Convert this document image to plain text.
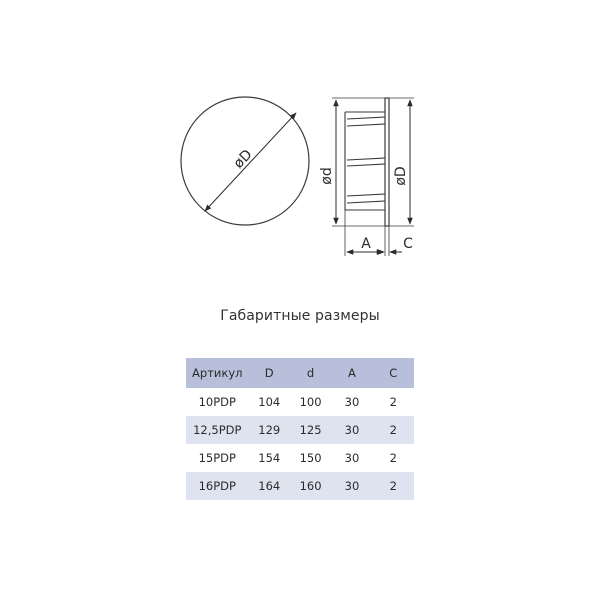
øD
ød	øD
A C
Габаритные размеры
Артикул	D	d	A	C
10PDP	104	100	30	2
12,5PDP	129	125	30	2
15PDP	154	150	30	2
16PDP	164	160	30	2
